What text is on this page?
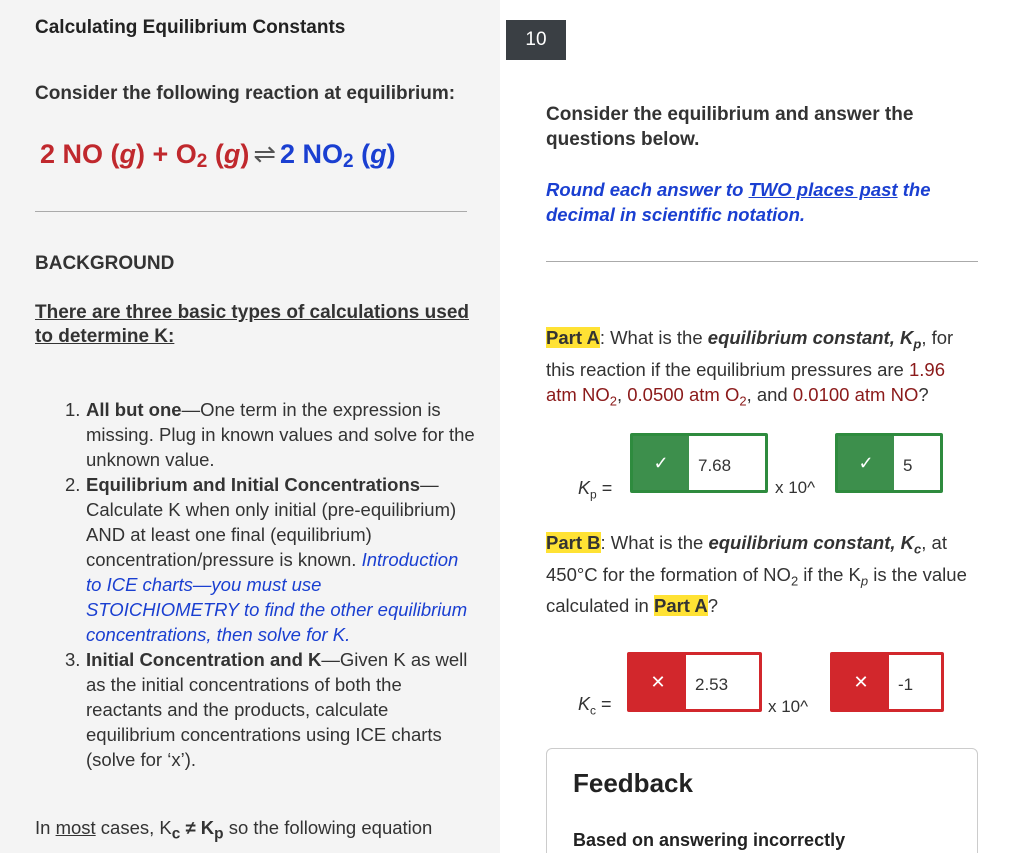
Calculating Equilibrium Constants
Consider the following reaction at equilibrium:
2 NO $(g) + O_2$ (g) ⇌ 2 $NO_2$ (g)
BACKGROUND
There are three basic types of calculations used to determine K:
1. All but one—One term in the expression is missing. Plug in known values and solve for the unknown value.
2. Equilibrium and Initial Concentrations— Calculate K when only initial (pre-equilibrium) AND at least one final (equilibrium) concentration/pressure is known. Introduction to ICE charts—you must use STOICHIOMETRY to find the other equilibrium concentrations, then solve for K.
3. Initial Concentration and K—Given K as well as the initial concentrations of both the reactants and the products, calculate equilibrium concentrations using ICE charts (solve for ‘x’).
In most cases, $K_c \ne K_p$ so the following equation
10
Consider the equilibrium and answer the questions below.
Round each answer to TWO places past the decimal in scientific notation.
Part A: What is the equilibrium constant, $K_p$, for this reaction if the equilibrium pressures are 1.96 atm $NO_2$, 0.0500 atm $O_2$, and 0.0100 atm NO?
$K_p$ =
✓	7.68
x 10^
✓	5
Part B: What is the equilibrium constant, $K_c$, at 450°C for the formation of $NO_2$ if the $K_p$ is the value calculated in Part A?
$K_c$ =
✕	2.53
x 10^
✕	-1
Feedback
Based on answering incorrectly
